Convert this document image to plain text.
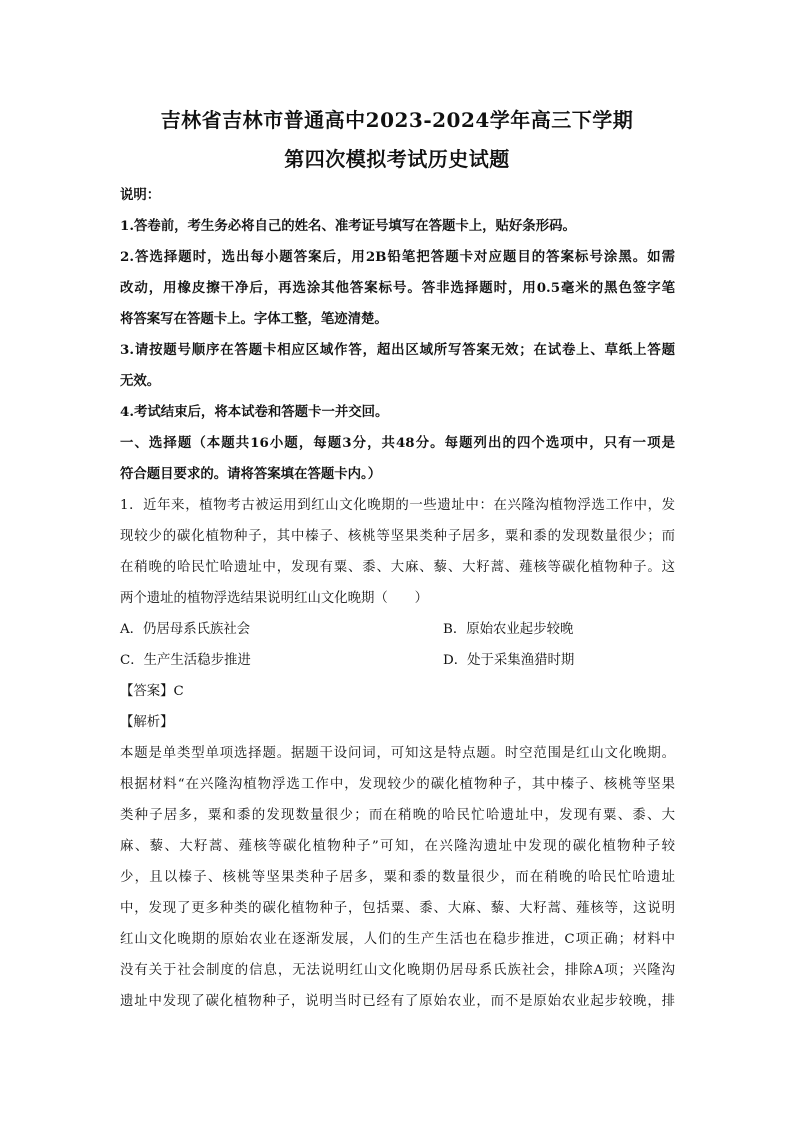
吉林省吉林市普通高中2023-2024学年高三下学期
第四次模拟考试历史试题
说明：
1.答卷前，考生务必将自己的姓名、准考证号填写在答题卡上，贴好条形码。
2.答选择题时，选出每小题答案后，用2B铅笔把答题卡对应题目的答案标号涂黑。如需
改动，用橡皮擦干净后，再选涂其他答案标号。答非选择题时，用0.5毫米的黑色签字笔
将答案写在答题卡上。字体工整，笔迹清楚。
3.请按题号顺序在答题卡相应区域作答，超出区域所写答案无效；在试卷上、草纸上答题
无效。
4.考试结束后，将本试卷和答题卡一并交回。
一、选择题（本题共16小题，每题3分，共48分。每题列出的四个选项中，只有一项是
符合题目要求的。请将答案填在答题卡内。）
1．近年来，植物考古被运用到红山文化晚期的一些遗址中：在兴隆沟植物浮选工作中，发
现较少的碳化植物种子，其中榛子、核桃等坚果类种子居多，粟和黍的发现数量很少；而
在稍晚的哈民忙哈遗址中，发现有粟、黍、大麻、藜、大籽蒿、薤核等碳化植物种子。这
两个遗址的植物浮选结果说明红山文化晚期（　　）
A．仍居母系氏族社会	B．原始农业起步较晚
C．生产生活稳步推进	D．处于采集渔猎时期
【答案】C
【解析】
本题是单类型单项选择题。据题干设问词，可知这是特点题。时空范围是红山文化晚期。
根据材料“在兴隆沟植物浮选工作中，发现较少的碳化植物种子，其中榛子、核桃等坚果
类种子居多，粟和黍的发现数量很少；而在稍晚的哈民忙哈遗址中，发现有粟、黍、大
麻、藜、大籽蒿、薤核等碳化植物种子”可知，在兴隆沟遗址中发现的碳化植物种子较
少，且以榛子、核桃等坚果类种子居多，粟和黍的数量很少，而在稍晚的哈民忙哈遗址
中，发现了更多种类的碳化植物种子，包括粟、黍、大麻、藜、大籽蒿、薤核等，这说明
红山文化晚期的原始农业在逐渐发展，人们的生产生活也在稳步推进，C项正确；材料中
没有关于社会制度的信息，无法说明红山文化晚期仍居母系氏族社会，排除A项；兴隆沟
遗址中发现了碳化植物种子，说明当时已经有了原始农业，而不是原始农业起步较晚，排
